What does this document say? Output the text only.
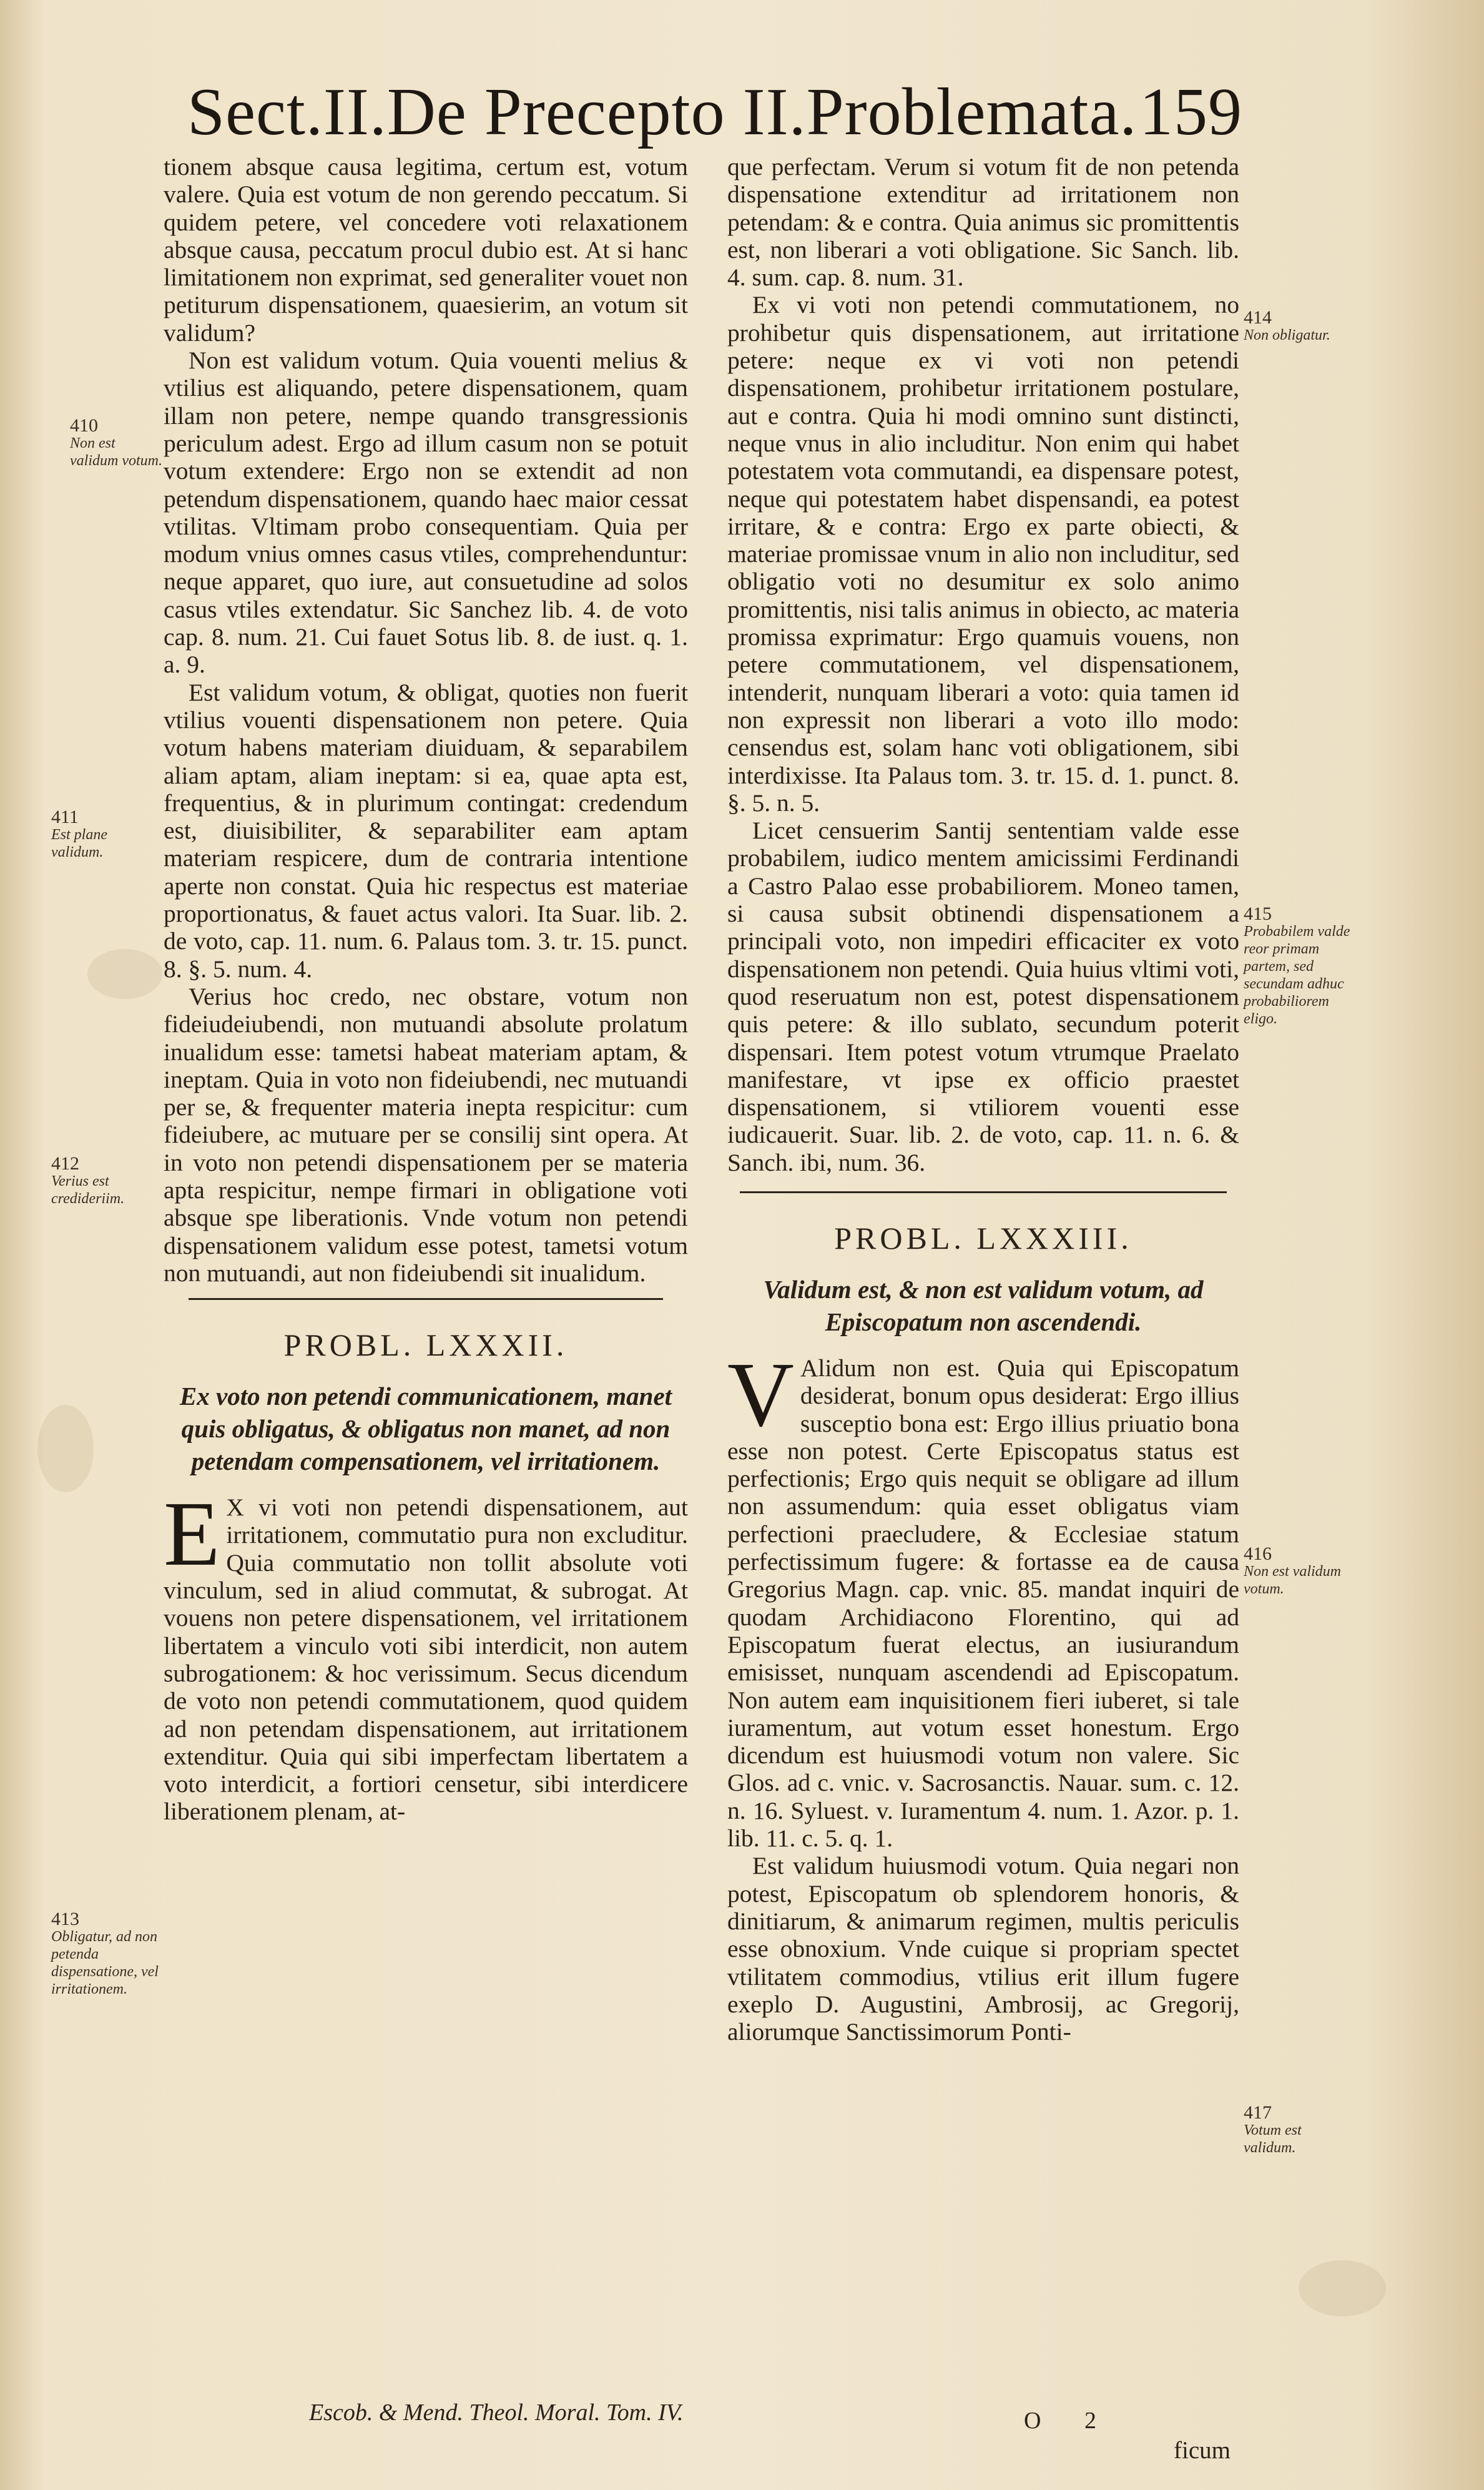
Sect.II.De Precepto II.Problemata. 159

tionem absque causa legitima, certum est, votum valere. Quia est votum de non gerendo peccatum. Si quidem petere, vel concedere voti relaxationem absque causa, peccatum procul dubio est. At si hanc limitationem non exprimat, sed generaliter vouet non petiturum dispensationem, quaesierim, an votum sit validum?

Non est validum votum. Quia vouenti melius & vtilius est aliquando, petere dispensationem, quam illam non petere, nempe quando transgressionis periculum adest. Ergo ad illum casum non se potuit votum extendere: Ergo non se extendit ad non petendum dispensationem, quando haec maior cessat vtilitas. Vltimam probo consequentiam. Quia per modum vnius omnes casus vtiles, comprehenduntur: neque apparet, quo iure, aut consuetudine ad solos casus vtiles extendatur. Sic Sanchez lib. 4. de voto cap. 8. num. 21. Cui fauet Sotus lib. 8. de iust. q. 1. a. 9.

Est validum votum, & obligat, quoties non fuerit vtilius vouenti dispensationem non petere. Quia votum habens materiam diuiduam, & separabilem aliam aptam, aliam ineptam: si ea, quae apta est, frequentius, & in plurimum contingat: credendum est, diuisibiliter, & separabiliter eam aptam materiam respicere, dum de contraria intentione aperte non constat. Quia hic respectus est materiae proportionatus, & fauet actus valori. Ita Suar. lib. 2. de voto, cap. 11. num. 6. Palaus tom. 3. tr. 15. punct. 8. §. 5. num. 4.

Verius hoc credo, nec obstare, votum non fideiudeiubendi, non mutuandi absolute prolatum inualidum esse: tametsi habeat materiam aptam, & ineptam. Quia in voto non fideiubendi, nec mutuandi per se, & frequenter materia inepta respicitur: cum fideiubere, ac mutuare per se consilij sint opera. At in voto non petendi dispensationem per se materia apta respicitur, nempe firmari in obligatione voti absque spe liberationis. Vnde votum non petendi dispensationem validum esse potest, tametsi votum non mutuandi, aut non fideiubendi sit inualidum.

PROBL. LXXXII.
Ex voto non petendi communicationem, manet quis obligatus, & obligatus non manet, ad non petendam compensationem, vel irritationem.

E X vi voti non petendi dispensationem, aut irritationem, commutatio pura non excluditur. Quia commutatio non tollit absolute voti vinculum, sed in aliud commutat, & subrogat. At vouens non petere dispensationem, vel irritationem libertatem a vinculo voti sibi interdicit, non autem subrogationem: & hoc verissimum. Secus dicendum de voto non petendi commutationem, quod quidem ad non petendam dispensationem, aut irritationem extenditur. Quia qui sibi imperfectam libertatem a voto interdicit, a fortiori censetur, sibi interdicere liberationem plenam, at-

410
Non est validum votum.
411
Est plane validum.
412
Verius est credideriim.
413
Obligatur, ad non petenda dispensatione, vel irritationem.

que perfectam. Verum si votum fit de non petenda dispensatione extenditur ad irritationem non petendam: & e contra. Quia animus sic promittentis est, non liberari a voti obligatione. Sic Sanch. lib. 4. sum. cap. 8. num. 31.

Ex vi voti non petendi commutationem, no prohibetur quis dispensationem, aut irritatione petere: neque ex vi voti non petendi dispensationem, prohibetur irritationem postulare, aut e contra. Quia hi modi omnino sunt distincti, neque vnus in alio includitur. Non enim qui habet potestatem vota commutandi, ea dispensare potest, neque qui potestatem habet dispensandi, ea potest irritare, & e contra: Ergo ex parte obiecti, & materiae promissae vnum in alio non includitur, sed obligatio voti no desumitur ex solo animo promittentis, nisi talis animus in obiecto, ac materia promissa exprimatur: Ergo quamuis vouens, non petere commutationem, vel dispensationem, intenderit, nunquam liberari a voto: quia tamen id non expressit non liberari a voto illo modo: censendus est, solam hanc voti obligationem, sibi interdixisse. Ita Palaus tom. 3. tr. 15. d. 1. punct. 8. §. 5. n. 5.

Licet censuerim Santij sententiam valde esse probabilem, iudico mentem amicissimi Ferdinandi a Castro Palao esse probabiliorem. Moneo tamen, si causa subsit obtinendi dispensationem a principali voto, non impediri efficaciter ex voto dispensationem non petendi. Quia huius vltimi voti, quod reseruatum non est, potest dispensationem quis petere: & illo sublato, secundum poterit dispensari. Item potest votum vtrumque Praelato manifestare, vt ipse ex officio praestet dispensationem, si vtiliorem vouenti esse iudicauerit. Suar. lib. 2. de voto, cap. 11. n. 6. & Sanch. ibi, num. 36.

PROBL. LXXXIII.
Validum est, & non est validum votum, ad Episcopatum non ascendendi.

V Alidum non est. Quia qui Episcopatum desiderat, bonum opus desiderat: Ergo illius susceptio bona est: Ergo illius priuatio bona esse non potest. Certe Episcopatus status est perfectionis; Ergo quis nequit se obligare ad illum non assumendum: quia esset obligatus viam perfectioni praecludere, & Ecclesiae statum perfectissimum fugere: & fortasse ea de causa Gregorius Magn. cap. vnic. 85. mandat inquiri de quodam Archidiacono Florentino, qui ad Episcopatum fuerat electus, an iusiurandum emisisset, nunquam ascendendi ad Episcopatum. Non autem eam inquisitionem fieri iuberet, si tale iuramentum, aut votum esset honestum. Ergo dicendum est huiusmodi votum non valere. Sic Glos. ad c. vnic. v. Sacrosanctis. Nauar. sum. c. 12. n. 16. Syluest. v. Iuramentum 4. num. 1. Azor. p. 1. lib. 11. c. 5. q. 1.

Est validum huiusmodi votum. Quia negari non potest, Episcopatum ob splendorem honoris, & dinitiarum, & animarum regimen, multis periculis esse obnoxium. Vnde cuique si propriam spectet vtilitatem commodius, vtilius erit illum fugere exeplo D. Augustini, Ambrosij, ac Gregorij, aliorumque Sanctissimorum Ponti-

414
Non obligatur.
415
Probabilem valde reor primam partem, sed secundam adhuc probabiliorem eligo.
416
Non est validum votum.
417
Votum est validum.
Escob. & Mend. Theol. Moral. Tom. IV.	O 2
ficum
